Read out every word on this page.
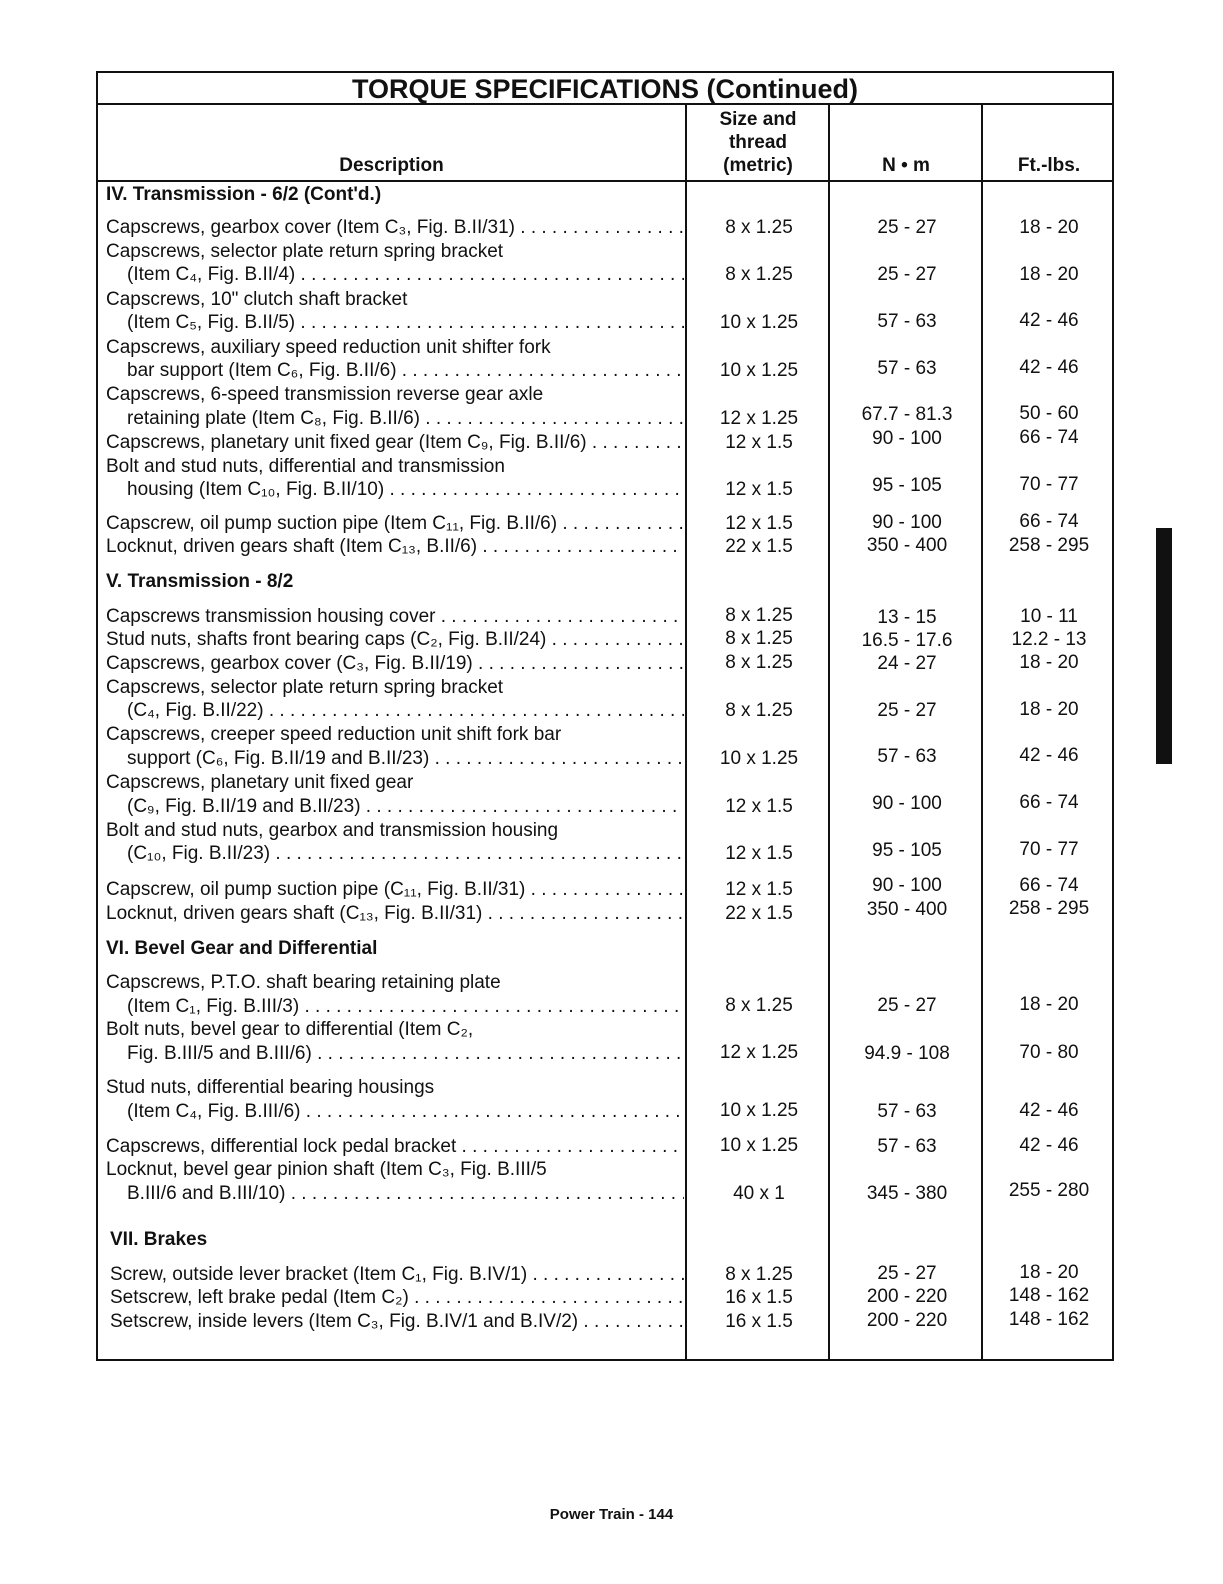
TORQUE SPECIFICATIONS (Continued)
Description
Size and
thread
(metric)	N • m	Ft.-lbs.
IV. Transmission - 6/2 (Cont'd.)
Capscrews, gearbox cover (Item C₃, Fig. B.II/31) . . .	8 x 1.25	25 - 27	18 - 20
Capscrews, selector plate return spring bracket
(Item C₄, Fig. B.II/4) . . .	8 x 1.25	25 - 27	18 - 20
Capscrews, 10" clutch shaft bracket
(Item C₅, Fig. B.II/5) . . .	10 x 1.25	57 - 63	42 - 46
Capscrews, auxiliary speed reduction unit shifter fork
bar support (Item C₆, Fig. B.II/6) . . .	10 x 1.25	57 - 63	42 - 46
Capscrews, 6-speed transmission reverse gear axle
retaining plate (Item C₈, Fig. B.II/6) . . .	12 x 1.25	67.7 - 81.3	50 - 60
Capscrews, planetary unit fixed gear (Item C₉, Fig. B.II/6) . . .	12 x 1.5	90 - 100	66 - 74
Bolt and stud nuts, differential and transmission
housing (Item C₁₀, Fig. B.II/10) . . .	12 x 1.5	95 - 105	70 - 77
Capscrew, oil pump suction pipe (Item C₁₁, Fig. B.II/6) . . .	12 x 1.5	90 - 100	66 - 74
Locknut, driven gears shaft (Item C₁₃, B.II/6) . . .	22 x 1.5	350 - 400	258 - 295
V. Transmission - 8/2
Capscrews transmission housing cover . . .	8 x 1.25	13 - 15	10 - 11
Stud nuts, shafts front bearing caps (C₂, Fig. B.II/24) . . .	8 x 1.25	16.5 - 17.6	12.2 - 13
Capscrews, gearbox cover (C₃, Fig. B.II/19) . . .	8 x 1.25	24 - 27	18 - 20
Capscrews, selector plate return spring bracket
(C₄, Fig. B.II/22) . . .	8 x 1.25	25 - 27	18 - 20
Capscrews, creeper speed reduction unit shift fork bar
support (C₆, Fig. B.II/19 and B.II/23) . . .	10 x 1.25	57 - 63	42 - 46
Capscrews, planetary unit fixed gear
(C₉, Fig. B.II/19 and B.II/23) . . .	12 x 1.5	90 - 100	66 - 74
Bolt and stud nuts, gearbox and transmission housing
(C₁₀, Fig. B.II/23) . . .	12 x 1.5	95 - 105	70 - 77
Capscrew, oil pump suction pipe (C₁₁, Fig. B.II/31) . . .	12 x 1.5	90 - 100	66 - 74
Locknut, driven gears shaft (C₁₃, Fig. B.II/31) . . .	22 x 1.5	350 - 400	258 - 295
VI. Bevel Gear and Differential
Capscrews, P.T.O. shaft bearing retaining plate
(Item C₁, Fig. B.III/3) . . .	8 x 1.25	25 - 27	18 - 20
Bolt nuts, bevel gear to differential (Item C₂,
Fig. B.III/5 and B.III/6) . . .	12 x 1.25	94.9 - 108	70 - 80
Stud nuts, differential bearing housings
(Item C₄, Fig. B.III/6) . . .	10 x 1.25	57 - 63	42 - 46
Capscrews, differential lock pedal bracket . . .	10 x 1.25	57 - 63	42 - 46
Locknut, bevel gear pinion shaft (Item C₃, Fig. B.III/5
B.III/6 and B.III/10) . . .	40 x 1	345 - 380	255 - 280
VII. Brakes
Screw, outside lever bracket (Item C₁, Fig. B.IV/1) . . .	8 x 1.25	25 - 27	18 - 20
Setscrew, left brake pedal (Item C₂) . . .	16 x 1.5	200 - 220	148 - 162
Setscrew, inside levers (Item C₃, Fig. B.IV/1 and B.IV/2) . . .	16 x 1.5	200 - 220	148 - 162
Power Train - 144
